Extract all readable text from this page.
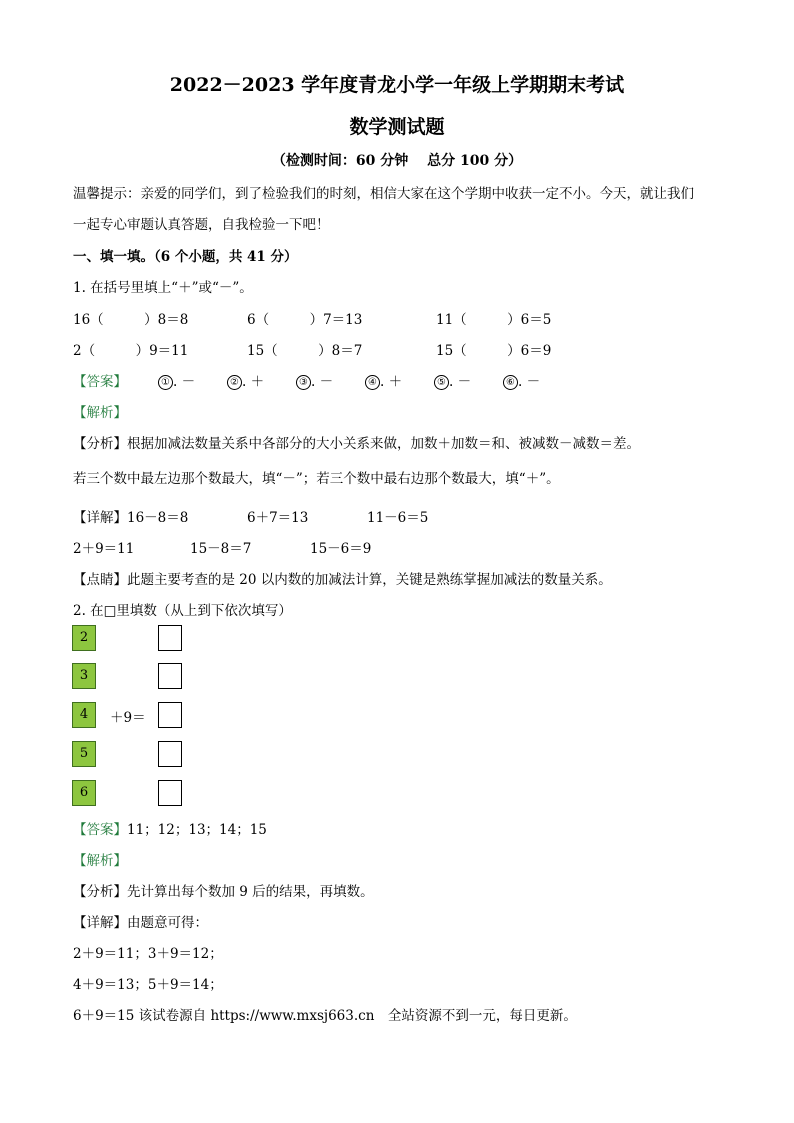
2022－2023 学年度青龙小学一年级上学期期末考试
数学测试题
（检测时间：60 分钟　 总分 100 分）
温馨提示：亲爱的同学们，到了检验我们的时刻，相信大家在这个学期中收获一定不小。今天，就让我们
一起专心审题认真答题，自我检验一下吧！
一、填一填。（6 个小题，共 41 分）
1. 在括号里填上“＋”或“－”。
16（　　　）8＝8	6（　　　）7＝13	11（　　　）6＝5
2（　　　）9＝11	15（　　　）8＝7	15（　　　）6＝9
【答案】	① . －	② . ＋	③ . －	④ . ＋	⑤ . －	⑥ . －
【解析】
【分析】根据加减法数量关系中各部分的大小关系来做，加数＋加数＝和、被减数－减数＝差。
若三个数中最左边那个数最大，填“－”；若三个数中最右边那个数最大，填“＋”。
【详解】16－8＝8	6＋7＝13	11－6＝5
2＋9＝11	15－8＝7	15－6＝9
【点睛】此题主要考查的是 20 以内数的加减法计算，关键是熟练掌握加减法的数量关系。
2. 在□里填数（从上到下依次填写）
2
3
4
5
6
＋9＝
【答案】11；12；13；14；15
【解析】
【分析】先计算出每个数加 9 后的结果，再填数。
【详解】由题意可得：
2＋9＝11；3＋9＝12；
4＋9＝13；5＋9＝14；
6＋9＝15 该试卷源自 https://www.mxsj663.cn　全站资源不到一元，每日更新。
